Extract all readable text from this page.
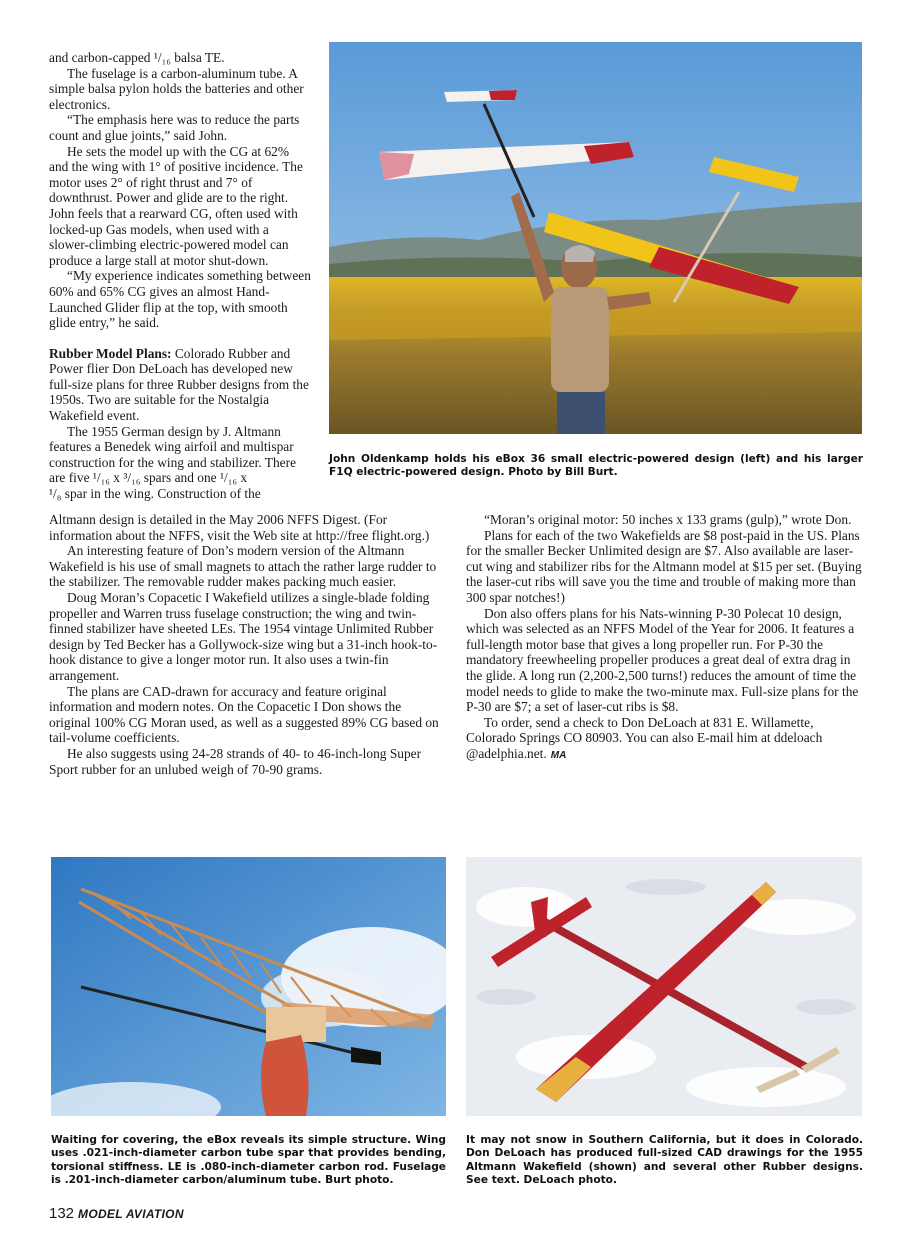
and carbon-capped ¹/₁₆ balsa TE.

The fuselage is a carbon-aluminum tube. A simple balsa pylon holds the batteries and other electronics.

“The emphasis here was to reduce the parts count and glue joints,” said John.

He sets the model up with the CG at 62% and the wing with 1° of positive incidence. The motor uses 2° of right thrust and 7° of downthrust. Power and glide are to the right. John feels that a rearward CG, often used with locked-up Gas models, when used with a slower-climbing electric-powered model can produce a large stall at motor shut-down.

“My experience indicates something between 60% and 65% CG gives an almost Hand-Launched Glider flip at the top, with smooth glide entry,” he said.

Rubber Model Plans: Colorado Rubber and Power flier Don DeLoach has developed new full-size plans for three Rubber designs from the 1950s. Two are suitable for the Nostalgia Wakefield event.

The 1955 German design by J. Altmann features a Benedek wing airfoil and multispar construction for the wing and stabilizer. There are five ¹/₁₆ x ³/₁₆ spars and one ¹/₁₆ x

¹/₈ spar in the wing. Construction of the

John Oldenkamp holds his eBox 36 small electric-powered design (left) and his larger F1Q electric-powered design. Photo by Bill Burt.

Altmann design is detailed in the May 2006 NFFS Digest. (For information about the NFFS, visit the Web site at http://free flight.org.)

An interesting feature of Don’s modern version of the Altmann Wakefield is his use of small magnets to attach the rather large rudder to the stabilizer. The removable rudder makes packing much easier.

Doug Moran’s Copacetic I Wakefield utilizes a single-blade folding propeller and Warren truss fuselage construction; the wing and twin-finned stabilizer have sheeted LEs. The 1954 vintage Unlimited Rubber design by Ted Becker has a Gollywock-size wing but a 31-inch hook-to-hook distance to give a longer motor run. It also uses a twin-fin arrangement.

The plans are CAD-drawn for accuracy and feature original information and modern notes. On the Copacetic I Don shows the original 100% CG Moran used, as well as a suggested 89% CG based on tail-volume coefficients.

He also suggests using 24-28 strands of 40- to 46-inch-long Super Sport rubber for an unlubed weigh of 70-90 grams.

“Moran’s original motor: 50 inches x 133 grams (gulp),” wrote Don.

Plans for each of the two Wakefields are $8 post-paid in the US. Plans for the smaller Becker Unlimited design are $7. Also available are laser-cut wing and stabilizer ribs for the Altmann model at $15 per set. (Buying the laser-cut ribs will save you the time and trouble of making more than 300 spar notches!)

Don also offers plans for his Nats-winning P-30 Polecat 10 design, which was selected as an NFFS Model of the Year for 2006. It features a full-length motor base that gives a long propeller run. For P-30 the mandatory freewheeling propeller produces a great deal of extra drag in the glide. A long run (2,200-2,500 turns!) reduces the amount of time the model needs to glide to make the two-minute max. Full-size plans for the P-30 are $7; a set of laser-cut ribs is $8.

To order, send a check to Don DeLoach at 831 E. Willamette, Colorado Springs CO 80903. You can also E-mail him at ddeloach @adelphia.net. MA

Waiting for covering, the eBox reveals its simple structure. Wing uses .021-inch-diameter carbon tube spar that provides bending, torsional stiffness. LE is .080-inch-diameter carbon rod. Fuselage is .201-inch-diameter carbon/aluminum tube. Burt photo.
It may not snow in Southern California, but it does in Colorado. Don DeLoach has produced full-sized CAD drawings for the 1955 Altmann Wakefield (shown) and several other Rubber designs. See text. DeLoach photo.
132 MODEL AVIATION
